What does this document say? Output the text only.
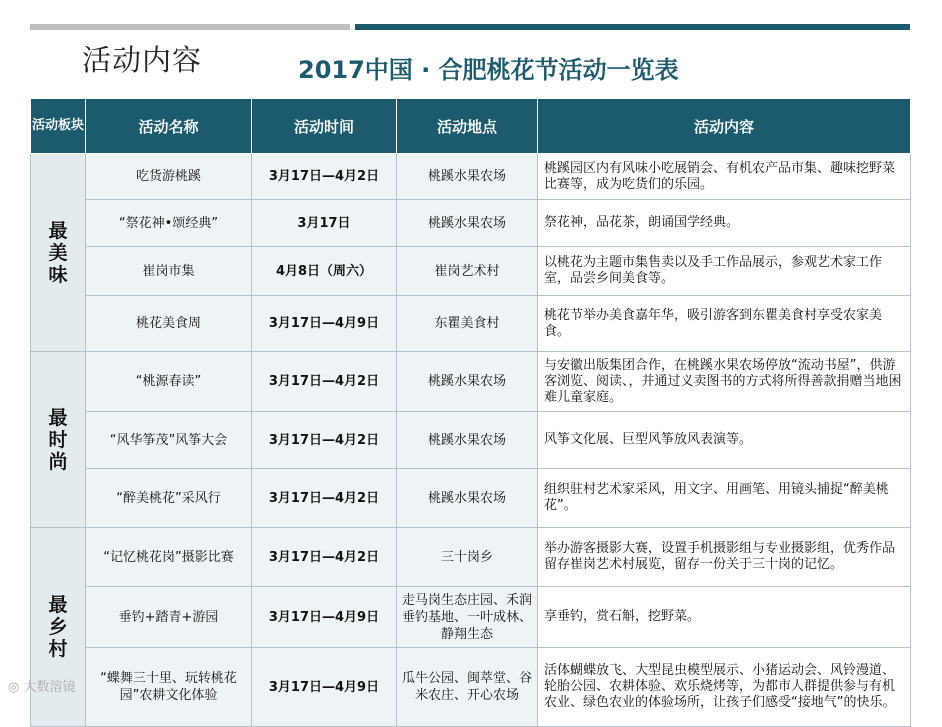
活动内容	2017中国 · 合肥桃花节活动一览表
活动板块	活动名称	活动时间	活动地点	活动内容
最美味	吃货游桃蹊	3月17日—4月2日	桃蹊水果农场	桃蹊园区内有风味小吃展销会、有机农产品市集、趣味挖野菜比赛等，成为吃货们的乐园。
	“祭花神•颂经典”	3月17日	桃蹊水果农场	祭花神，品花茶，朗诵国学经典。
	崔岗市集	4月8日（周六）	崔岗艺术村	以桃花为主题市集售卖以及手工作品展示，参观艺术家工作室，品尝乡间美食等。
	桃花美食周	3月17日—4月9日	东瞿美食村	桃花节举办美食嘉年华，吸引游客到东瞿美食村享受农家美食。
最时尚	“桃源春读”	3月17日—4月2日	桃蹊水果农场	与安徽出版集团合作，在桃蹊水果农场停放“流动书屋”，供游客浏览、阅读、，并通过义卖图书的方式将所得善款捐赠当地困难儿童家庭。
	“风华筝茂”风筝大会	3月17日—4月2日	桃蹊水果农场	风筝文化展、巨型风筝放风表演等。
	“醉美桃花”采风行	3月17日—4月2日	桃蹊水果农场	组织驻村艺术家采风，用文字、用画笔、用镜头捕捉“醉美桃花”。
最乡村	“记忆桃花岗”摄影比赛	3月17日—4月2日	三十岗乡	举办游客摄影大赛，设置手机摄影组与专业摄影组，优秀作品留存崔岗艺术村展览，留存一份关于三十岗的记忆。
	垂钓+踏青+游园	3月17日—4月9日	走马岗生态庄园、禾润垂钓基地、一叶成林、静翔生态	享垂钓，赏石斛，挖野菜。
	“蝶舞三十里、玩转桃花园”农耕文化体验	3月17日—4月9日	瓜牛公园、闽萃堂、谷米农庄、开心农场	活体蝴蝶放飞、大型昆虫模型展示、小猪运动会、风铃漫道、轮胎公园、农耕体验、欢乐烧烤等，为都市人群提供参与有机农业、绿色农业的体验场所，让孩子们感受“接地气”的快乐。
◎ 大数溶镜
